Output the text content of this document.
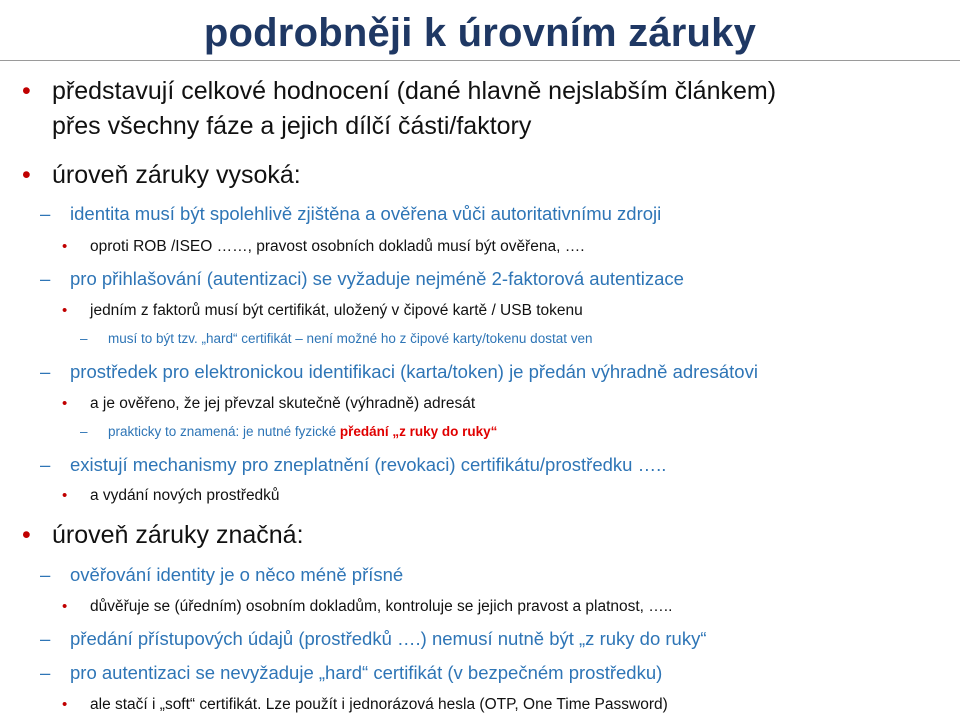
podrobněji k úrovním záruky
• představují celkové hodnocení (dané hlavně nejslabším článkem)
přes všechny fáze a jejich dílčí části/faktory
• úroveň záruky vysoká:
– identita musí být spolehlivě zjištěna a ověřena vůči autoritativnímu zdroji
• oproti ROB /ISEO ……, pravost osobních dokladů musí být ověřena, ….
– pro přihlašování (autentizaci) se vyžaduje nejméně 2-faktorová autentizace
• jedním z faktorů musí být certifikát, uložený v čipové kartě / USB tokenu
– musí to být tzv. „hard“ certifikát – není možné ho z čipové karty/tokenu dostat ven
– prostředek pro elektronickou identifikaci (karta/token) je předán výhradně adresátovi
• a je ověřeno, že jej převzal skutečně (výhradně) adresát
– prakticky to znamená: je nutné fyzické předání „z ruky do ruky“
– existují mechanismy pro zneplatnění (revokaci) certifikátu/prostředku …..
• a vydání nových prostředků
• úroveň záruky značná:
– ověřování identity je o něco méně přísné
• důvěřuje se (úředním) osobním dokladům, kontroluje se jejich pravost a platnost, …..
– předání přístupových údajů (prostředků ….) nemusí nutně být „z ruky do ruky“
– pro autentizaci se nevyžaduje „hard“ certifikát (v bezpečném prostředku)
• ale stačí i „soft“ certifikát. Lze použít i jednorázová hesla (OTP, One Time Password)
